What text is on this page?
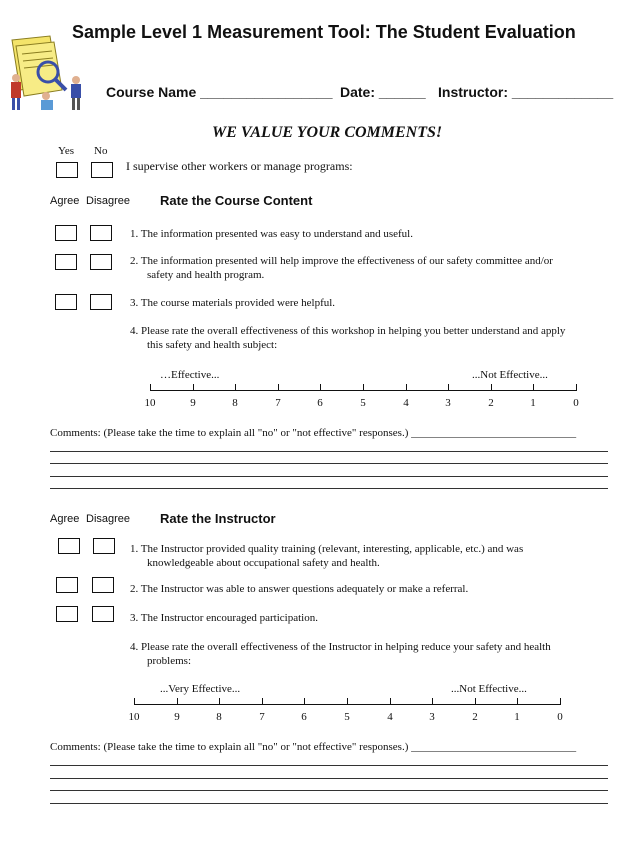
Sample Level 1 Measurement Tool: The Student Evaluation
Course Name _________________ Date: ______ Instructor: _____________
WE VALUE YOUR COMMENTS!
Yes No
I supervise other workers or manage programs:
Agree Disagree Rate the Course Content
1. The information presented was easy to understand and useful.
2. The information presented will help improve the effectiveness of our safety committee and/or
safety and health program.
3. The course materials provided were helpful.
4. Please rate the overall effectiveness of this workshop in helping you better understand and apply
this safety and health subject:
…Effective...	...Not Effective...
10	9	8	7	6	5	4	3	2	1	0
Comments: (Please take the time to explain all "no" or "not effective" responses.) ______________________________
Agree Disagree Rate the Instructor
1. The Instructor provided quality training (relevant, interesting, applicable, etc.) and was
knowledgeable about occupational safety and health.
2. The Instructor was able to answer questions adequately or make a referral.
3. The Instructor encouraged participation.
4. Please rate the overall effectiveness of the Instructor in helping reduce your safety and health
problems:
...Very Effective...	...Not Effective...
10	9	8	7	6	5	4	3	2	1	0
Comments: (Please take the time to explain all "no" or "not effective" responses.) ______________________________
